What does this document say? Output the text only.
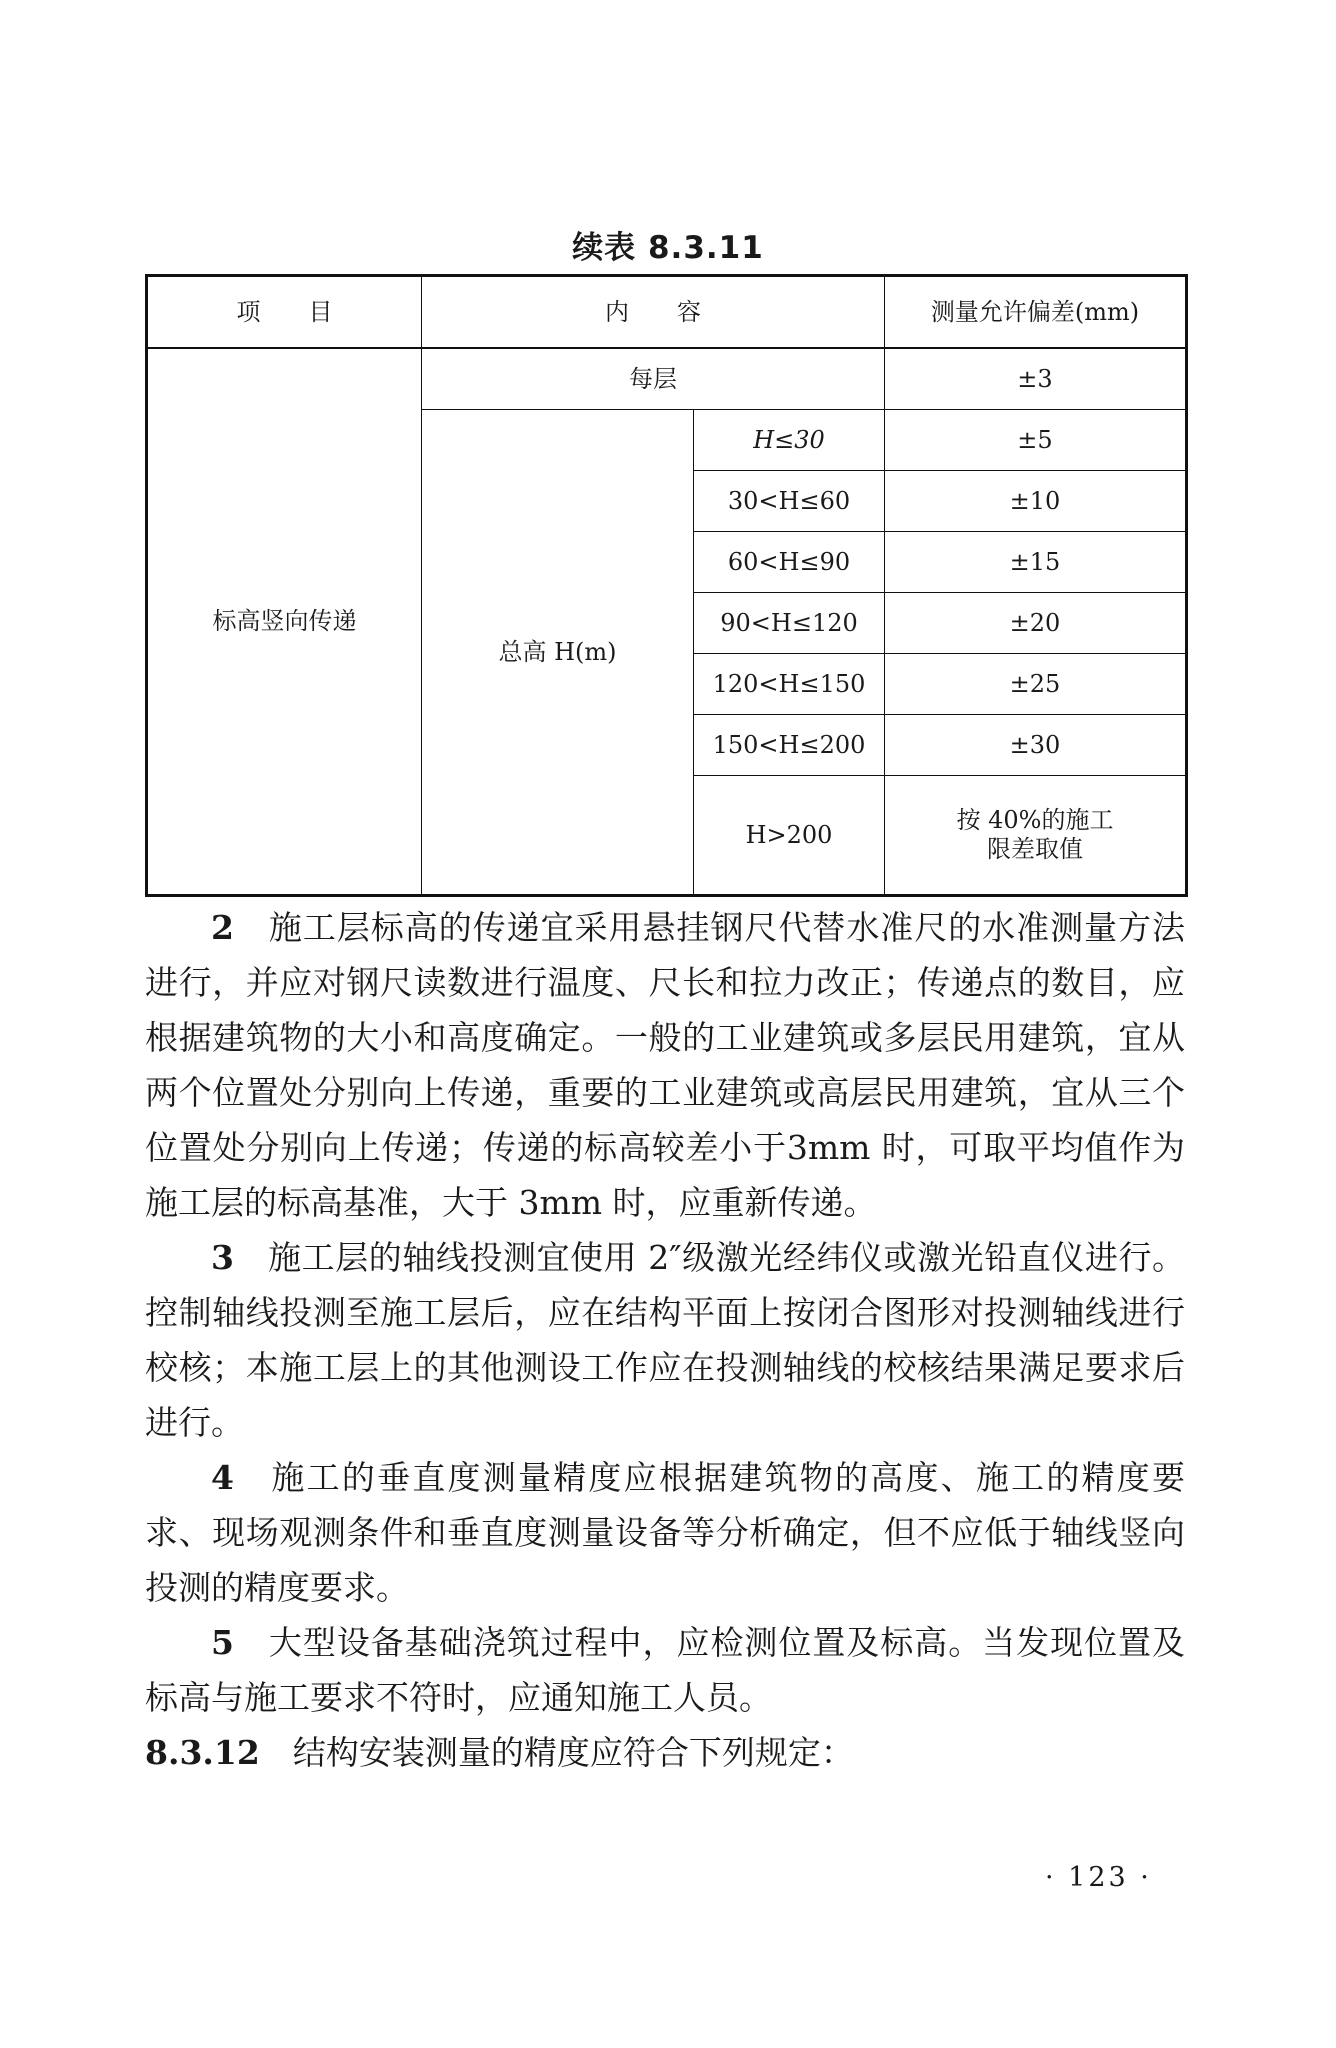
续表 8.3.11
项　　目	内　　容		测量允许偏差(mm)
标高竖向传递	每层		±3
	总高 H(m)	H≤30	±5
		30<H≤60	±10
		60<H≤90	±15
		90<H≤120	±20
		120<H≤150	±25
		150<H≤200	±30
		H>200	按 40%的施工
限差取值

2　 施工层标高的传递宜采用悬挂钢尺代替水准尺的水准测量方法进行，并应对钢尺读数进行温度、尺长和拉力改正；传递点的数目，应根据建筑物的大小和高度确定。一般的工业建筑或多层民用建筑，宜从两个位置处分别向上传递，重要的工业建筑或高层民用建筑，宜从三个位置处分别向上传递；传递的标高较差小于3mm 时，可取平均值作为施工层的标高基准，大于 3mm 时，应重新传递。

3　 施工层的轴线投测宜使用 2″级激光经纬仪或激光铅直仪进行。控制轴线投测至施工层后，应在结构平面上按闭合图形对投测轴线进行校核；本施工层上的其他测设工作应在投测轴线的校核结果满足要求后进行。

4　 施工的垂直度测量精度应根据建筑物的高度、施工的精度要求、现场观测条件和垂直度测量设备等分析确定，但不应低于轴线竖向投测的精度要求。

5　 大型设备基础浇筑过程中，应检测位置及标高。当发现位置及标高与施工要求不符时，应通知施工人员。

8.3.12　 结构安装测量的精度应符合下列规定：

· 123 ·
